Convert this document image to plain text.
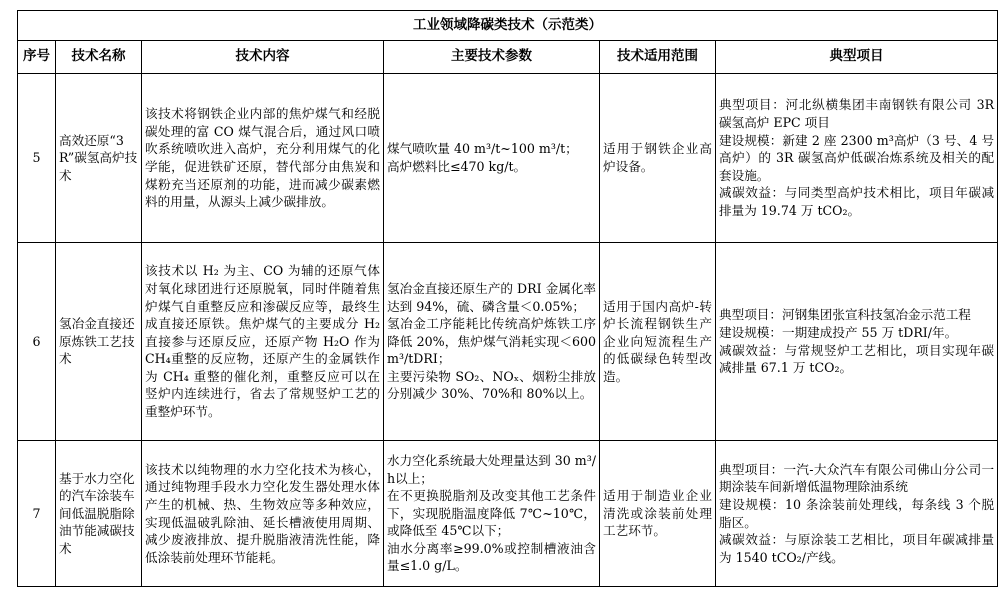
工业领域降碳类技术（示范类）					
序号	技术名称	技术内容	主要技术参数	技术适用范围	典型项目
5	高效还原“3R”碳氢高炉技术	该技术将钢铁企业内部的焦炉煤气和经脱碳处理的富 CO 煤气混合后，通过风口喷吹系统喷吹进入高炉，充分利用煤气的化学能，促进铁矿还原，替代部分由焦炭和煤粉充当还原剂的功能，进而减少碳素燃料的用量，从源头上减少碳排放。	煤气喷吹量 40 m³/t~100 m³/t；
高炉燃料比≤470 kg/t。	适用于钢铁企业高炉设备。	典型项目：河北纵横集团丰南钢铁有限公司 3R 碳氢高炉 EPC 项目
建设规模：新建 2 座 2300 m³高炉（3 号、4 号高炉）的 3R 碳氢高炉低碳冶炼系统及相关的配套设施。
减碳效益：与同类型高炉技术相比，项目年碳减排量为 19.74 万 tCO₂。

6	氢冶金直接还原炼铁工艺技术	该技术以 H₂ 为主、CO 为辅的还原气体对氧化球团进行还原脱氧，同时伴随着焦炉煤气自重整反应和渗碳反应等，最终生成直接还原铁。焦炉煤气的主要成分 H₂ 直接参与还原反应，还原产物 H₂O 作为 CH₄重整的反应物，还原产生的金属铁作为 CH₄ 重整的催化剂，重整反应可以在竖炉内连续进行，省去了常规竖炉工艺的重整炉环节。	氢冶金直接还原生产的 DRI 金属化率达到 94%，硫、磷含量＜0.05%；
氢冶金工序能耗比传统高炉炼铁工序降低 20%，焦炉煤气消耗实现＜600 m³/tDRI；
主要污染物 SO₂、NOₓ、烟粉尘排放分别减少 30%、70%和 80%以上。	适用于国内高炉-转炉长流程钢铁生产企业向短流程生产的低碳绿色转型改造。	典型项目：河钢集团张宣科技氢冶金示范工程
建设规模：一期建成投产 55 万 tDRI/年。
减碳效益：与常规竖炉工艺相比，项目实现年碳减排量 67.1 万 tCO₂。

7	基于水力空化的汽车涂装车间低温脱脂除油节能减碳技术	该技术以纯物理的水力空化技术为核心，通过纯物理手段水力空化发生器处理水体产生的机械、热、生物效应等多种效应，实现低温破乳除油、延长槽液使用周期、减少废液排放、提升脱脂液清洗性能，降低涂装前处理环节能耗。	水力空化系统最大处理量达到 30 m³/h以上；
在不更换脱脂剂及改变其他工艺条件下，实现脱脂温度降低 7℃~10℃，或降低至 45℃以下；
油水分离率≥99.0%或控制槽液油含量≤1.0 g/L。	适用于制造业企业清洗或涂装前处理工艺环节。	典型项目：一汽-大众汽车有限公司佛山分公司一期涂装车间新增低温物理除油系统
建设规模：10 条涂装前处理线，每条线 3 个脱脂区。
减碳效益：与原涂装工艺相比，项目年碳减排量为 1540 tCO₂/产线。
